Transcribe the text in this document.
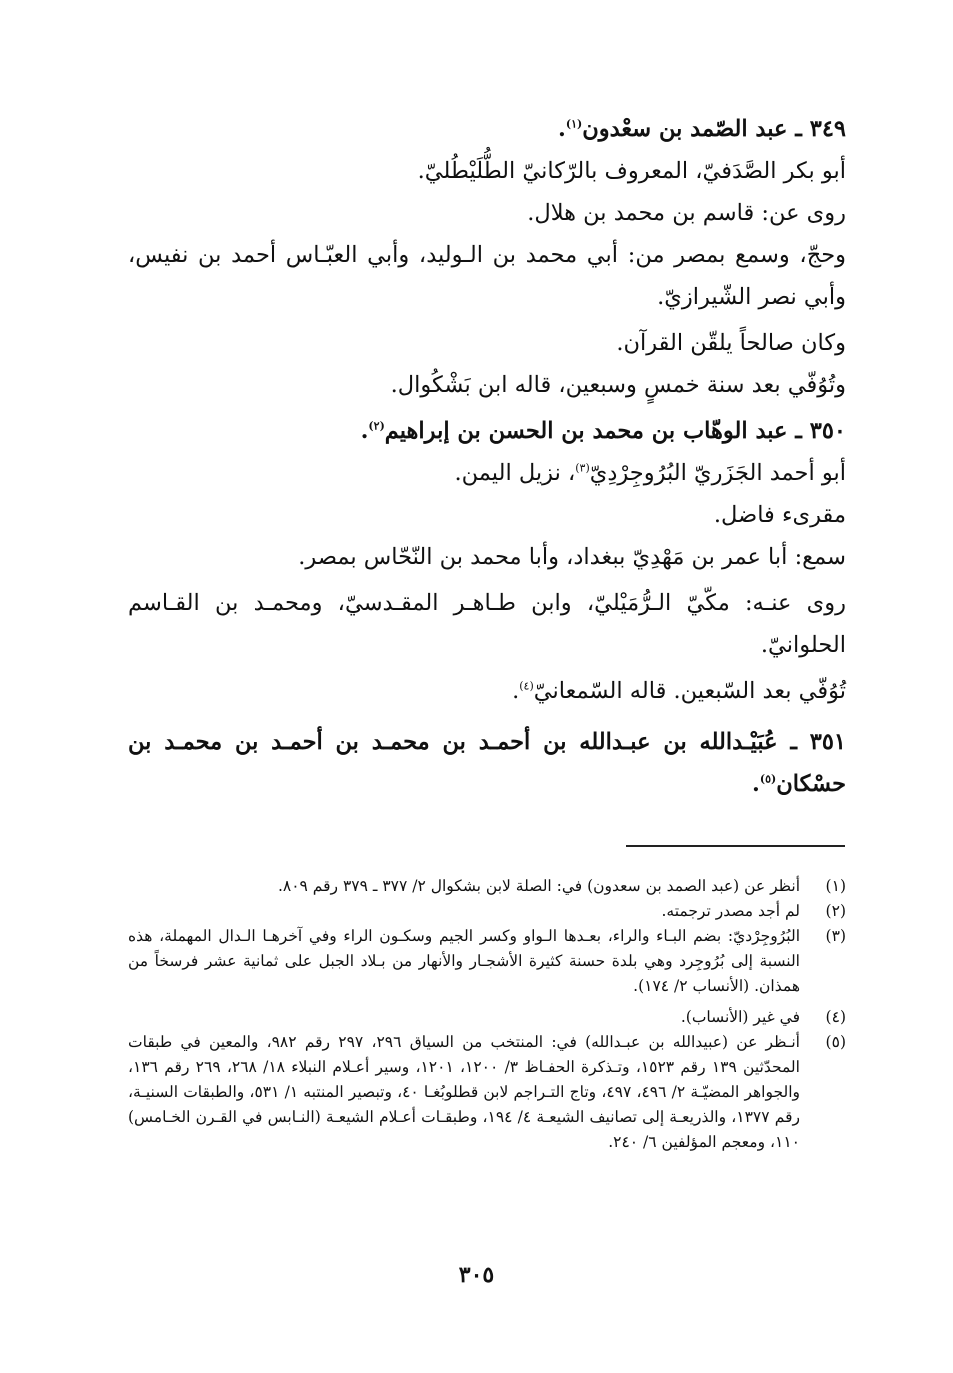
٣٤٩ ـ عبد الصّمد بن سعْدون$^{(١)}$.

أبو بكر الصَّدَفيّ، المعروف بالرّكانيّ الطُّلَيْطُليّ.

روى عن: قاسم بن محمد بن هلال.

وحجّ، وسمع بمصر من: أبي محمد بن الـوليد، وأبي العبّـاس أحمد بن نفيس، وأبي نصر الشّيرازيّ.

وكان صالحاً يلقّن القرآن.

وتُوُفّي بعد سنة خمسٍ وسبعين، قاله ابن بَشْكُوال.

٣٥٠ ـ عبد الوهّاب بن محمد بن الحسن بن إبراهيم$^{(٢)}$.

أبو أحمد الجَزَريّ البُرُوجِرْدِيّ$^{(٣)}$، نزيل اليمن.

مقرىء فاضل.

سمع: أبا عمر بن مَهْدِيّ ببغداد، وأبا محمد بن النّحّاس بمصر.

روى عنـه: مكّيّ الـرُّمَيْليّ، وابن طـاهـر المقـدسيّ، ومحمـد بن القـاسم الحلوانيّ.

تُوُفّي بعد السّبعين. قاله السّمعانيّ$^{(٤)}$.

٣٥١ ـ عُبَيْـدالله بن عبـدالله بن أحمـد بن محمـد بن أحمـد بن محمـد بن حسْكان$^{(٥)}$.

(١)
أنظر عن (عبد الصمد بن سعدون) في: الصلة لابن بشكوال ٢/ ٣٧٧ ـ ٣٧٩ رقم ٨٠٩.
(٢)
لم أجد مصدر ترجمته.
(٣)
البُرُوجِرْديّ: بضم البـاء والراء، بعـدها الـواو وكسر الجيم وسكـون الراء وفي آخرهـا الـدال المهملة، هذه النسبة إلى بُرُوجِرد وهي بلدة حسنة كثيرة الأشجـار والأنهار من بـلاد الجبل على ثمانية عشر فرسخاً من همذان. (الأنساب ٢/ ١٧٤).
(٤)
في غير (الأنساب).
(٥)
أنـظر عن (عبيدالله بن عبـدالله) في: المنتخب من السياق ٢٩٦، ٢٩٧ رقم ٩٨٢، والمعين في طبقات المحدّثين ١٣٩ رقم ١٥٢٣، وتـذكرة الحفـاظ ٣/ ١٢٠٠، ١٢٠١، وسير أعـلام النبلاء ١٨/ ٢٦٨، ٢٦٩ رقم ١٣٦، والجواهر المضيّـة ٢/ ٤٩٦، ٤٩٧، وتاج التـراجم لابن قطلوبُغـا ٤٠، وتبصير المنتبه ١/ ٥٣١، والطبقات السنيـة، رقم ١٣٧٧، والذريعـة إلى تصانيف الشيعـة ٤/ ١٩٤، وطبقـات أعـلام الشيعـة (النـابس في القـرن الخـامس) ١١٠، ومعجم المؤلفين ٦/ ٢٤٠.
٣٠٥
